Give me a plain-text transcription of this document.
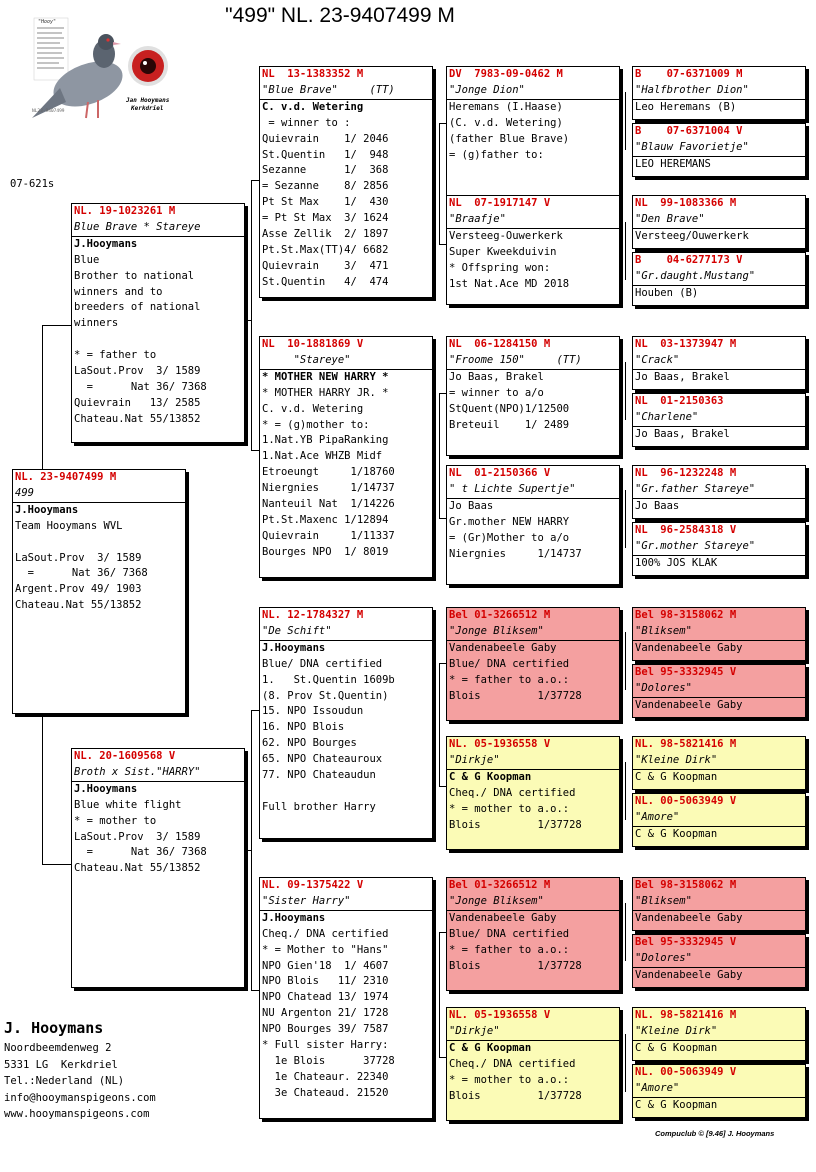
"499" NL. 23-9407499 M
07-621s
"Hooy"
Jan Hooymans
Kerkdriel
NL23-9407499
NL. 23-9407499 M
499
J.Hooymans
Team Hooymans WVL
LaSout.Prov  3/ 1589
=      Nat 36/ 7368
Argent.Prov 49/ 1903
Chateau.Nat 55/13852
NL. 19-1023261 M
Blue Brave * Stareye
J.Hooymans
Blue
Brother to national
winners and to
breeders of national
winners
* = father to
LaSout.Prov  3/ 1589
=      Nat 36/ 7368
Quievrain   13/ 2585
Chateau.Nat 55/13852
NL. 20-1609568 V
Broth x Sist."HARRY"
J.Hooymans
Blue white flight
* = mother to
LaSout.Prov  3/ 1589
=      Nat 36/ 7368
Chateau.Nat 55/13852
NL  13-1383352 M
"Blue Brave"     (TT)
C. v.d. Wetering
= winner to :
Quievrain    1/ 2046
St.Quentin   1/  948
Sezanne      1/  368
= Sezanne    8/ 2856
Pt St Max    1/  430
= Pt St Max  3/ 1624
Asse Zellik  2/ 1897
Pt.St.Max(TT)4/ 6682
Quievrain    3/  471
St.Quentin   4/  474
NL  10-1881869 V
"Stareye"
* MOTHER NEW HARRY *
* MOTHER HARRY JR. *
C. v.d. Wetering
* = (g)mother to:
1.Nat.YB PipaRanking
1.Nat.Ace WHZB Midf
Etroeungt     1/18760
Niergnies     1/14737
Nanteuil Nat  1/14226
Pt.St.Maxenc 1/12894
Quievrain     1/11337
Bourges NPO  1/ 8019
NL. 12-1784327 M
"De Schift"
J.Hooymans
Blue/ DNA certified
1.   St.Quentin 1609b
(8. Prov St.Quentin)
15. NPO Issoudun
16. NPO Blois
62. NPO Bourges
65. NPO Chateauroux
77. NPO Chateaudun
Full brother Harry
NL. 09-1375422 V
"Sister Harry"
J.Hooymans
Cheq./ DNA certified
* = Mother to "Hans"
NPO Gien'18  1/ 4607
NPO Blois   11/ 2310
NPO Chatead 13/ 1974
NU Argenton 21/ 1728
NPO Bourges 39/ 7587
* Full sister Harry:
1e Blois      37728
1e Chateaur. 22340
3e Chateaud. 21520
DV  7983-09-0462 M
"Jonge Dion"
Heremans (I.Haase)
(C. v.d. Wetering)
(father Blue Brave)
= (g)father to:
NL  07-1917147 V
"Braafje"
Versteeg-Ouwerkerk
Super Kweekduivin
* Offspring won:
1st Nat.Ace MD 2018
NL  06-1284150 M
"Froome 150"     (TT)
Jo Baas, Brakel
= winner to a/o
StQuent(NPO)1/12500
Breteuil    1/ 2489
NL  01-2150366 V
" t Lichte Supertje"
Jo Baas
Gr.mother NEW HARRY
= (Gr)Mother to a/o
Niergnies     1/14737
Bel 01-3266512 M
"Jonge Bliksem"
Vandenabeele Gaby
Blue/ DNA certified
* = father to a.o.:
Blois         1/37728
NL. 05-1936558 V
"Dirkje"
C & G Koopman
Cheq./ DNA certified
* = mother to a.o.:
Blois         1/37728
Bel 01-3266512 M
"Jonge Bliksem"
Vandenabeele Gaby
Blue/ DNA certified
* = father to a.o.:
Blois         1/37728
NL. 05-1936558 V
"Dirkje"
C & G Koopman
Cheq./ DNA certified
* = mother to a.o.:
Blois         1/37728
B    07-6371009 M
"Halfbrother Dion"
Leo Heremans (B)
B    07-6371004 V
"Blauw Favorietje"
LEO HEREMANS
NL  99-1083366 M
"Den Brave"
Versteeg/Ouwerkerk
B    04-6277173 V
"Gr.daught.Mustang"
Houben (B)
NL  03-1373947 M
"Crack"
Jo Baas, Brakel
NL  01-2150363
"Charlene"
Jo Baas, Brakel
NL  96-1232248 M
"Gr.father Stareye"
Jo Baas
NL  96-2584318 V
"Gr.mother Stareye"
100% JOS KLAK
Bel 98-3158062 M
"Bliksem"
Vandenabeele Gaby
Bel 95-3332945 V
"Dolores"
Vandenabeele Gaby
NL. 98-5821416 M
"Kleine Dirk"
C & G Koopman
NL. 00-5063949 V
"Amore"
C & G Koopman
Bel 98-3158062 M
"Bliksem"
Vandenabeele Gaby
Bel 95-3332945 V
"Dolores"
Vandenabeele Gaby
NL. 98-5821416 M
"Kleine Dirk"
C & G Koopman
NL. 00-5063949 V
"Amore"
C & G Koopman
J. Hooymans
Noordbeemdenweg 2
5331 LG  Kerkdriel
Tel.:Nederland (NL)
info@hooymanspigeons.com
www.hooymanspigeons.com
Compuclub © [9.46] J. Hooymans
